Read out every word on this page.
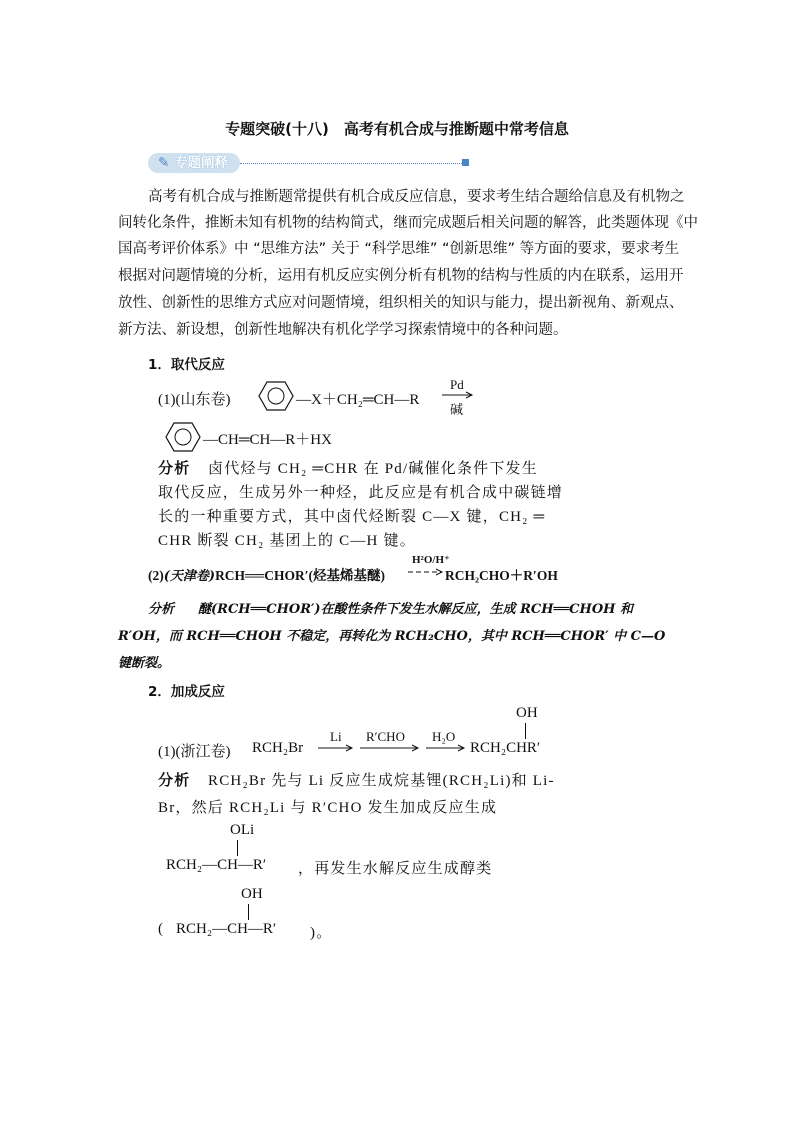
专题突破(十八)　高考有机合成与推断题中常考信息
✎ 专题阐释
高考有机合成与推断题常提供有机合成反应信息，要求考生结合题给信息及有机物之
间转化条件，推断未知有机物的结构简式，继而完成题后相关问题的解答，此类题体现《中
国高考评价体系》中 “思维方法” 关于 “科学思维” “创新思维” 等方面的要求，要求考生
根据对问题情境的分析，运用有机反应实例分析有机物的结构与性质的内在联系，运用开
放性、创新性的思维方式应对问题情境，组织相关的知识与能力，提出新视角、新观点、
新方法、新设想，创新性地解决有机化学学习探索情境中的各种问题。
1．取代反应
(1)(山东卷)	—X＋CH₂═CH—R
Pd
碱
—CH═CH—R＋HX
分析 卤代烃与 CH₂ ═CHR 在 Pd/碱催化条件下发生
取代反应，生成另外一种烃，此反应是有机合成中碳链增
长的一种重要方式，其中卤代烃断裂 C—X 键，CH₂ ═
CHR 断裂 CH₂ 基团上的 C—H 键。
(2)(天津卷)RCH══CHOR′(烃基烯基醚)
H²O/H⁺
→ RCH₂CHO＋R′OH
分析 醚(RCH══CHOR′)在酸性条件下发生水解反应，生成 RCH══CHOH 和
R′OH，而 RCH══CHOH 不稳定，再转化为 RCH₂CHO，其中 RCH══CHOR′ 中 C—O
键断裂。
2．加成反应
OH
(1)(浙江卷) RCH₂Br
Li R′CHO H₂O
→ RCH₂CHR′
分析 RCH₂Br 先与 Li 反应生成烷基锂(RCH₂Li)和 Li-
Br，然后 RCH₂Li 与 R′CHO 发生加成反应生成
OLi
RCH₂—CH—R′ ，再发生水解反应生成醇类
OH
( RCH₂—CH—R′ )。
